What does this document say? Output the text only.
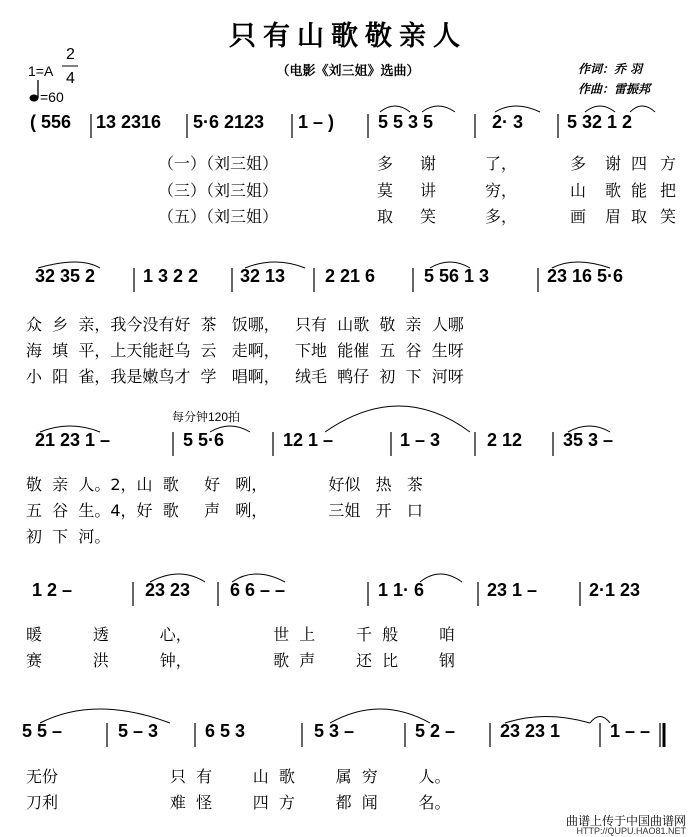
只有山歌敬亲人
（电影《刘三姐》选曲）	作词：乔 羽
作曲：雷振邦
1=A
2
4
=60
每分钟120拍
( 556 13 2316 5·6 2123 1 – ) 5 5 3 5	2· 3 5 32 1 2
（一）（刘三姐）	多 谢	了，	多 谢 四 方
（三）（刘三姐）	莫 讲	穷，	山 歌 能 把
（五）（刘三姐）	取 笑	多，	画 眉 取 笑
32 35 2	1 3 2 2 32 13 2 21 6	5 56 1 3	23 16 5·6
众  乡  亲，我今没有好  茶   饭哪，   只有  山歌  敬  亲  人哪
海  填  平，上天能赶乌  云   走啊，   下地  能催  五  谷  生呀
小  阳  雀，我是嫩鸟才  学   唱啊，   绒毛  鸭仔  初  下  河呀
21 23 1 –	5 5·6	12 1 –	1 – 3	2 12 35 3 –
敬  亲  人。2，山  歌     好   咧，            好似   热   茶
五  谷  生。4，好  歌     声   咧，            三姐   开   口
初  下  河。
1 2 –	23 23 6 6 – –	1 1· 6	23 1 –	2·1 23
暖          透          心，                世  上        千  般        咱
赛          洪          钟，                歌  声        还  比        钢
5 5 –	5 – 3	6 5 3	5 3 –	5 2 – 23 23 1	1 – –
无份                      只  有        山  歌        属  穷        人。
刀利                      难  怪        四  方        都  闻        名。
曲谱上传于中国曲谱网
HTTP://QUPU.HAO81.NET
